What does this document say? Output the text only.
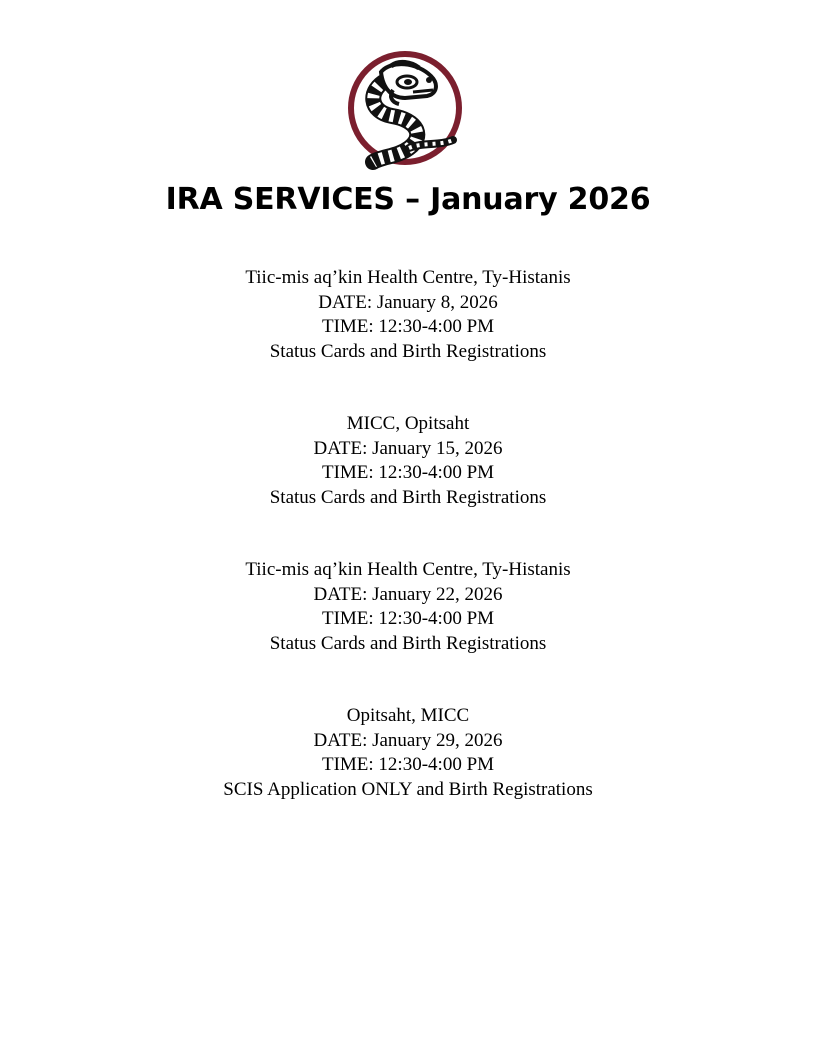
IRA SERVICES – January 2026
Tiic-mis aq’kin Health Centre, Ty-Histanis
DATE: January 8, 2026
TIME: 12:30-4:00 PM
Status Cards and Birth Registrations
MICC, Opitsaht
DATE: January 15, 2026
TIME: 12:30-4:00 PM
Status Cards and Birth Registrations
Tiic-mis aq’kin Health Centre, Ty-Histanis
DATE: January 22, 2026
TIME: 12:30-4:00 PM
Status Cards and Birth Registrations
Opitsaht, MICC
DATE: January 29, 2026
TIME: 12:30-4:00 PM
SCIS Application ONLY and Birth Registrations
